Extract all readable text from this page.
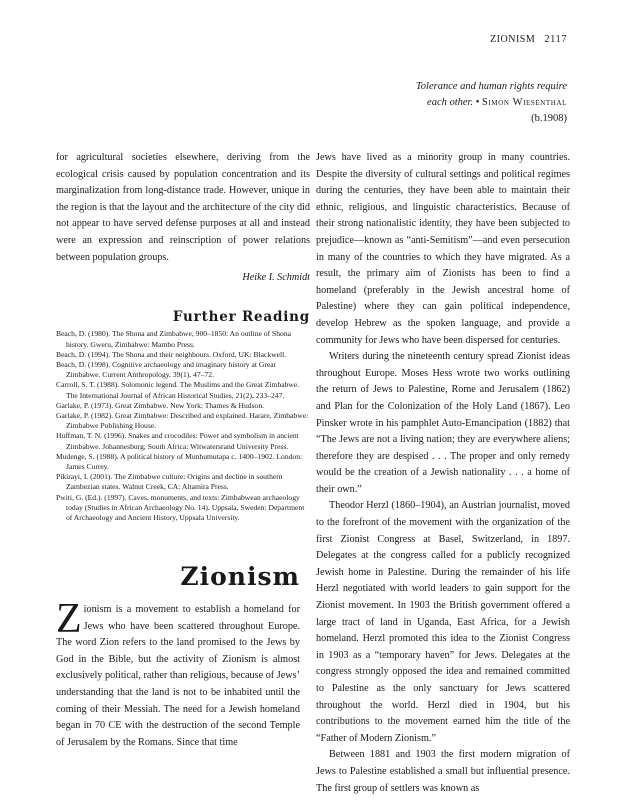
ZIONISM 2117
Tolerance and human rights require
each other. • Simon Wiesenthal
(b.1908)

for agricultural societies elsewhere, deriving from the ecological crisis caused by population concentration and its marginalization from long-distance trade. However, unique in the region is that the layout and the architecture of the city did not appear to have served defense purposes at all and instead were an expression and reinscription of power relations between population groups.

Heike I. Schmidt

Further Reading

Beach, D. (1980). The Shona and Zimbabwe, 900–1850: An outline of Shona history. Gweru, Zimbabwe: Mambo Press.

Beach, D. (1994). The Shona and their neighbours. Oxford, UK: Blackwell.

Beach, D. (1998). Cognitive archaeology and imaginary history at Great Zimbabwe. Current Anthropology, 39(1), 47–72.

Carroll, S. T. (1988). Solomonic legend. The Muslims and the Great Zimbabwe. The International Journal of African Historical Studies, 21(2), 233–247.

Garlake, P. (1973). Great Zimbabwe. New York: Thames & Hudson.

Garlake, P. (1982). Great Zimbabwe: Described and explained. Harare, Zimbabwe: Zimbabwe Publishing House.

Huffman, T. N. (1996). Snakes and crocodiles: Power and symbolism in ancient Zimbabwe. Johannesburg, South Africa: Witwatersrand University Press.

Mudenge, S. (1988). A political history of Munhumutapa c. 1400–1902. London: James Currey.

Pikirayi, I. (2001). The Zimbabwe culture: Origins and decline in southern Zambezian states. Walnut Creek, CA: Altamira Press.

Pwiti, G. (Ed.). (1997). Caves, monuments, and texts: Zimbabwean archaeology today (Studies in African Archaeology No. 14). Uppsala, Sweden: Department of Archaeology and Ancient History, Uppsala University.

Zionism

Zionism is a movement to establish a homeland for Jews who have been scattered throughout Europe. The word Zion refers to the land promised to the Jews by God in the Bible, but the activity of Zionism is almost exclusively political, rather than religious, because of Jews’ understanding that the land is not to be inhabited until the coming of their Messiah. The need for a Jewish homeland began in 70 CE with the destruction of the second Temple of Jerusalem by the Romans. Since that time

Jews have lived as a minority group in many countries. Despite the diversity of cultural settings and political regimes during the centuries, they have been able to maintain their ethnic, religious, and linguistic characteristics. Because of their strong nationalistic identity, they have been subjected to prejudice—known as “anti-Semitism”—and even persecution in many of the countries to which they have migrated. As a result, the primary aim of Zionists has been to find a homeland (preferably in the Jewish ancestral home of Palestine) where they can gain political independence, develop Hebrew as the spoken language, and provide a community for Jews who have been dispersed for centuries.

Writers during the nineteenth century spread Zionist ideas throughout Europe. Moses Hess wrote two works outlining the return of Jews to Palestine, Rome and Jerusalem (1862) and Plan for the Colonization of the Holy Land (1867). Leo Pinsker wrote in his pamphlet Auto-Emancipation (1882) that “The Jews are not a living nation; they are everywhere aliens; therefore they are despised . . . The proper and only remedy would be the creation of a Jewish nationality . . . a home of their own.”

Theodor Herzl (1860–1904), an Austrian journalist, moved to the forefront of the movement with the organization of the first Zionist Congress at Basel, Switzerland, in 1897. Delegates at the congress called for a publicly recognized Jewish home in Palestine. During the remainder of his life Herzl negotiated with world leaders to gain support for the Zionist movement. In 1903 the British government offered a large tract of land in Uganda, East Africa, for a Jewish homeland. Herzl promoted this idea to the Zionist Congress in 1903 as a “temporary haven” for Jews. Delegates at the congress strongly opposed the idea and remained committed to Palestine as the only sanctuary for Jews scattered throughout the world. Herzl died in 1904, but his contributions to the movement earned him the title of the “Father of Modern Zionism.”

Between 1881 and 1903 the first modern migration of Jews to Palestine established a small but influential presence. The first group of settlers was known as
